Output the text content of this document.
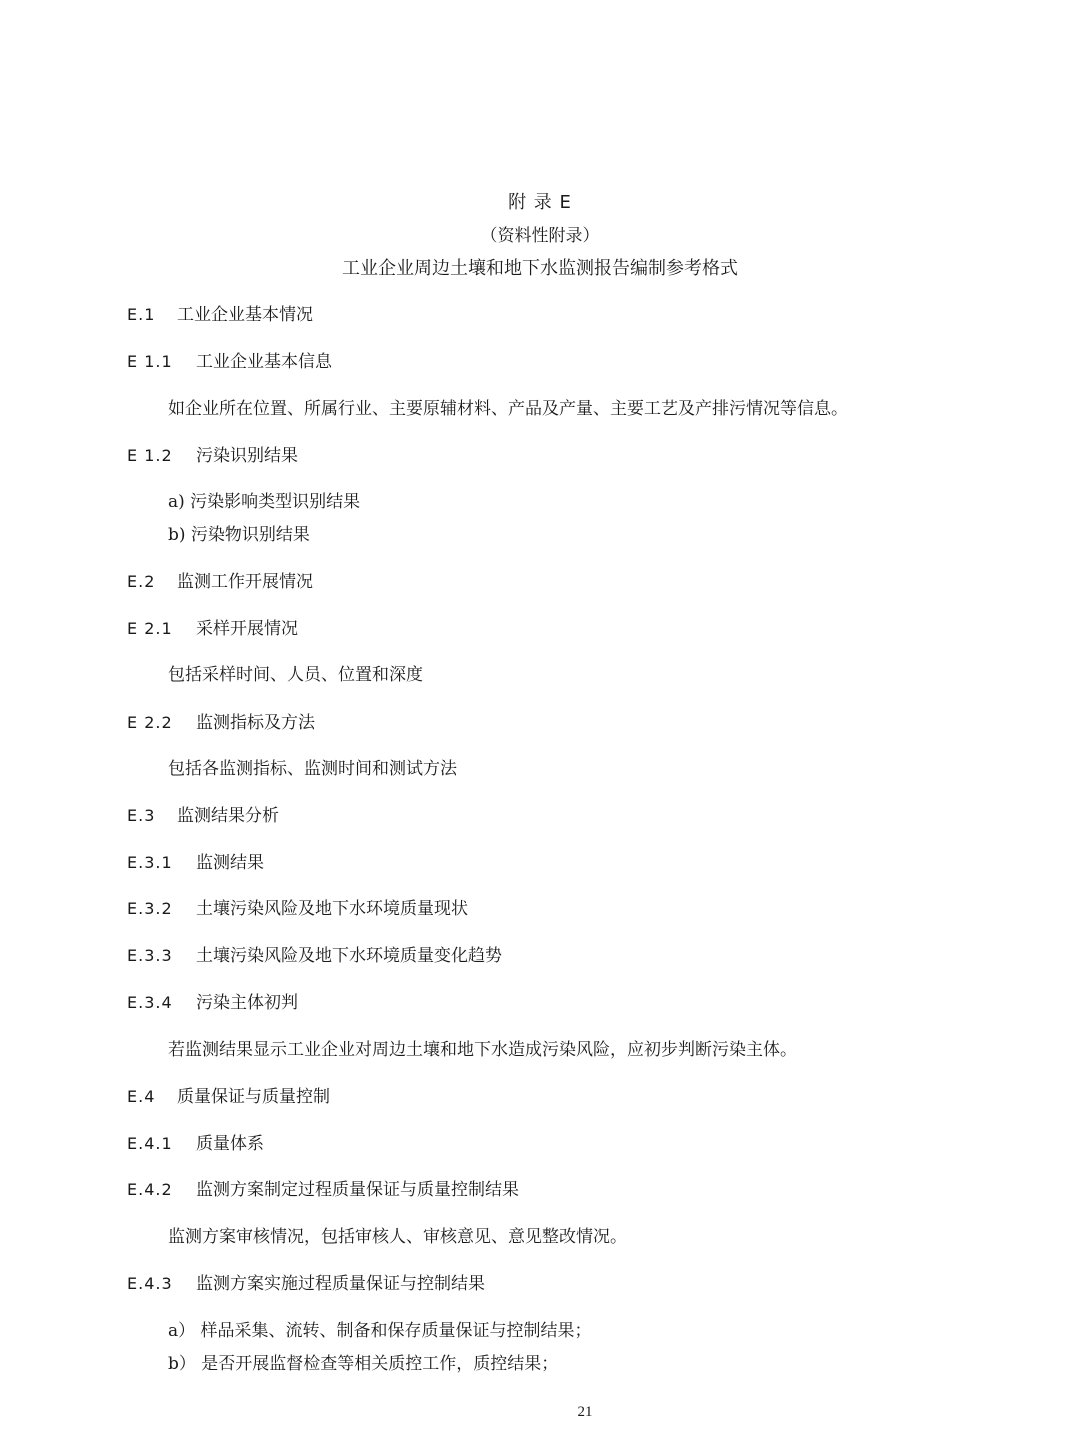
附 录 E
（资料性附录）
工业企业周边土壤和地下水监测报告编制参考格式
E.1 工业企业基本情况
E 1.1 工业企业基本信息
如企业所在位置、所属行业、主要原辅材料、产品及产量、主要工艺及产排污情况等信息。
E 1.2 污染识别结果
a) 污染影响类型识别结果
b) 污染物识别结果
E.2 监测工作开展情况
E 2.1 采样开展情况
包括采样时间、人员、位置和深度
E 2.2 监测指标及方法
包括各监测指标、监测时间和测试方法
E.3 监测结果分析
E.3.1 监测结果
E.3.2 土壤污染风险及地下水环境质量现状
E.3.3 土壤污染风险及地下水环境质量变化趋势
E.3.4 污染主体初判
若监测结果显示工业企业对周边土壤和地下水造成污染风险，应初步判断污染主体。
E.4 质量保证与质量控制
E.4.1 质量体系
E.4.2 监测方案制定过程质量保证与质量控制结果
监测方案审核情况，包括审核人、审核意见、意见整改情况。
E.4.3 监测方案实施过程质量保证与控制结果
a） 样品采集、流转、制备和保存质量保证与控制结果；
b） 是否开展监督检查等相关质控工作，质控结果；
21
